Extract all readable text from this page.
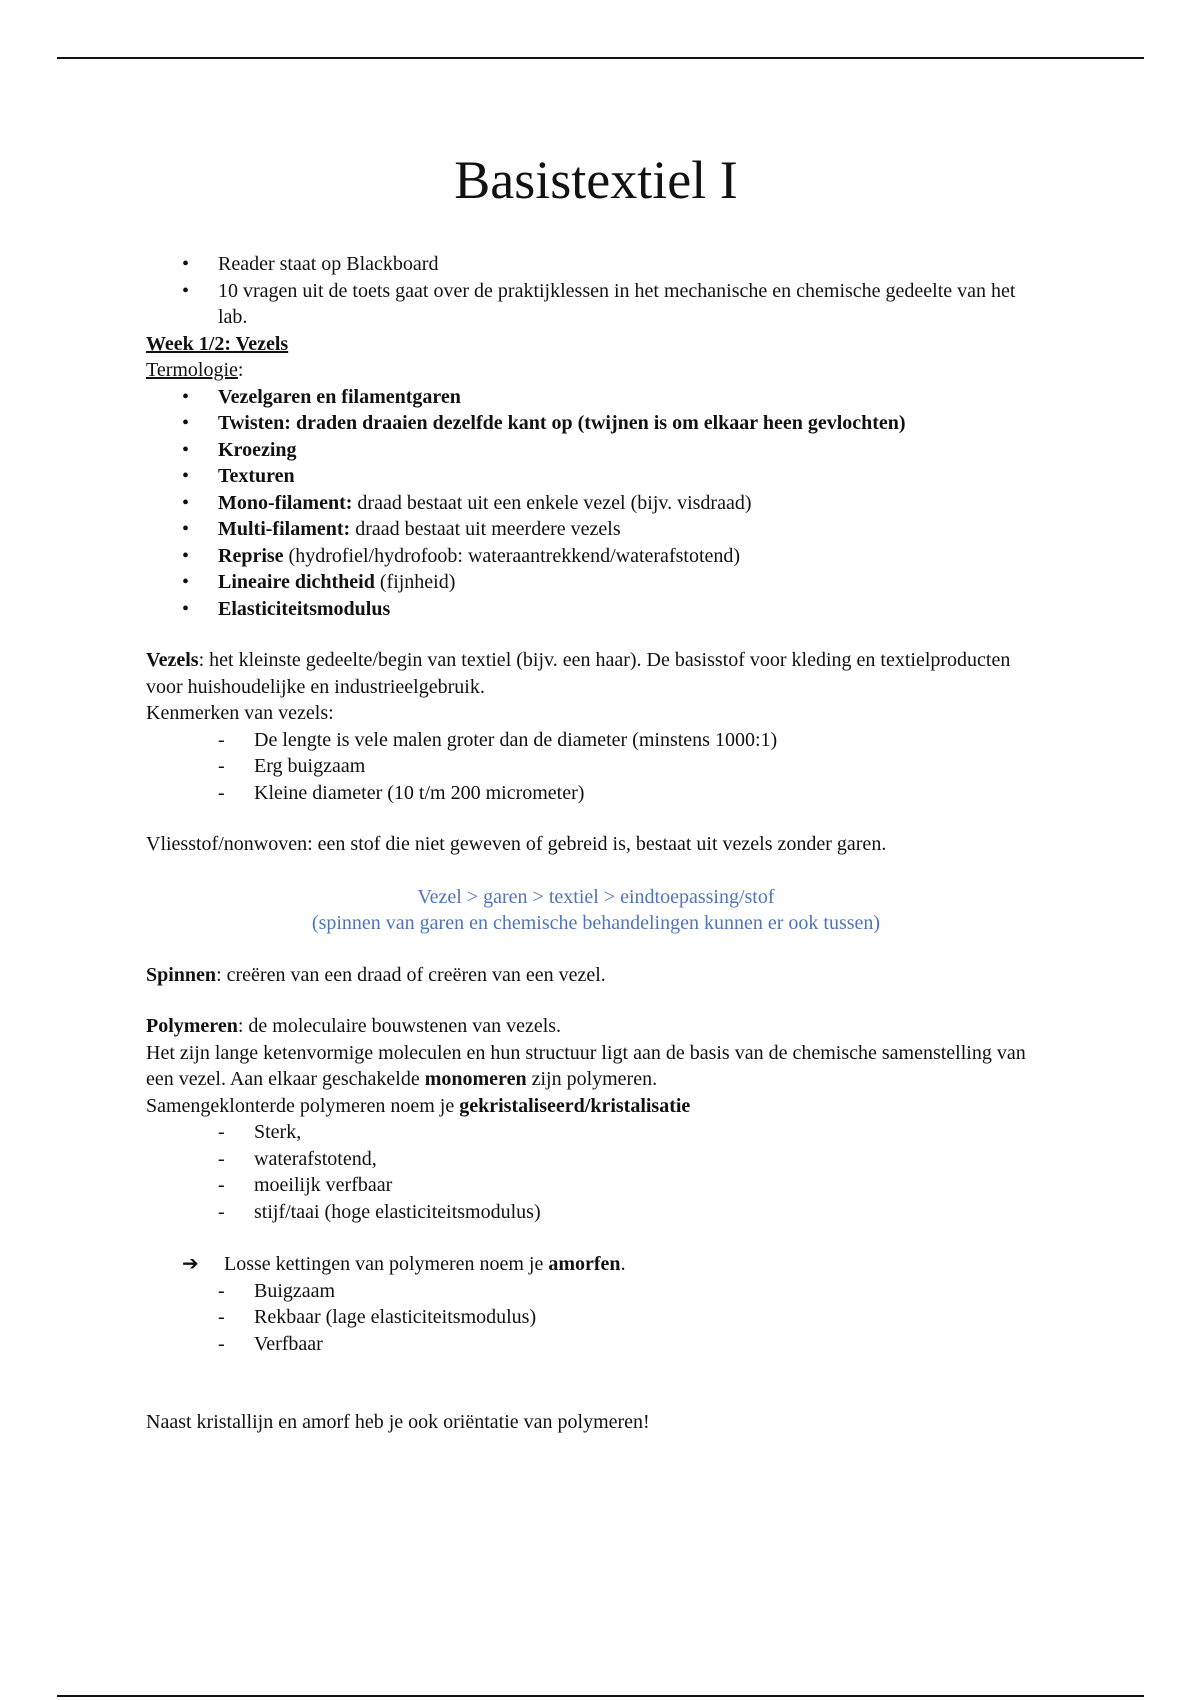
Basistextiel I
• Reader staat op Blackboard
• 10 vragen uit de toets gaat over de praktijklessen in het mechanische en chemische gedeelte van het lab.
Week 1/2: Vezels
Termologie:
• Vezelgaren en filamentgaren
• Twisten: draden draaien dezelfde kant op (twijnen is om elkaar heen gevlochten)
• Kroezing
• Texturen
• Mono-filament: draad bestaat uit een enkele vezel (bijv. visdraad)
• Multi-filament: draad bestaat uit meerdere vezels
• Reprise (hydrofiel/hydrofoob: wateraantrekkend/waterafstotend)
• Lineaire dichtheid (fijnheid)
• Elasticiteitsmodulus
Vezels: het kleinste gedeelte/begin van textiel (bijv. een haar). De basisstof voor kleding en textielproducten voor huishoudelijke en industrieelgebruik.
Kenmerken van vezels:
- De lengte is vele malen groter dan de diameter (minstens 1000:1)
- Erg buigzaam
- Kleine diameter (10 t/m 200 micrometer)
Vliesstof/nonwoven: een stof die niet geweven of gebreid is, bestaat uit vezels zonder garen.
Vezel > garen > textiel > eindtoepassing/stof
(spinnen van garen en chemische behandelingen kunnen er ook tussen)
Spinnen: creëren van een draad of creëren van een vezel.
Polymeren: de moleculaire bouwstenen van vezels.
Het zijn lange ketenvormige moleculen en hun structuur ligt aan de basis van de chemische samenstelling van een vezel. Aan elkaar geschakelde monomeren zijn polymeren.
Samengeklonterde polymeren noem je gekristaliseerd/kristalisatie
- Sterk,
- waterafstotend,
- moeilijk verfbaar
- stijf/taai (hoge elasticiteitsmodulus)
➔ Losse kettingen van polymeren noem je amorfen.
- Buigzaam
- Rekbaar (lage elasticiteitsmodulus)
- Verfbaar
Naast kristallijn en amorf heb je ook oriëntatie van polymeren!
